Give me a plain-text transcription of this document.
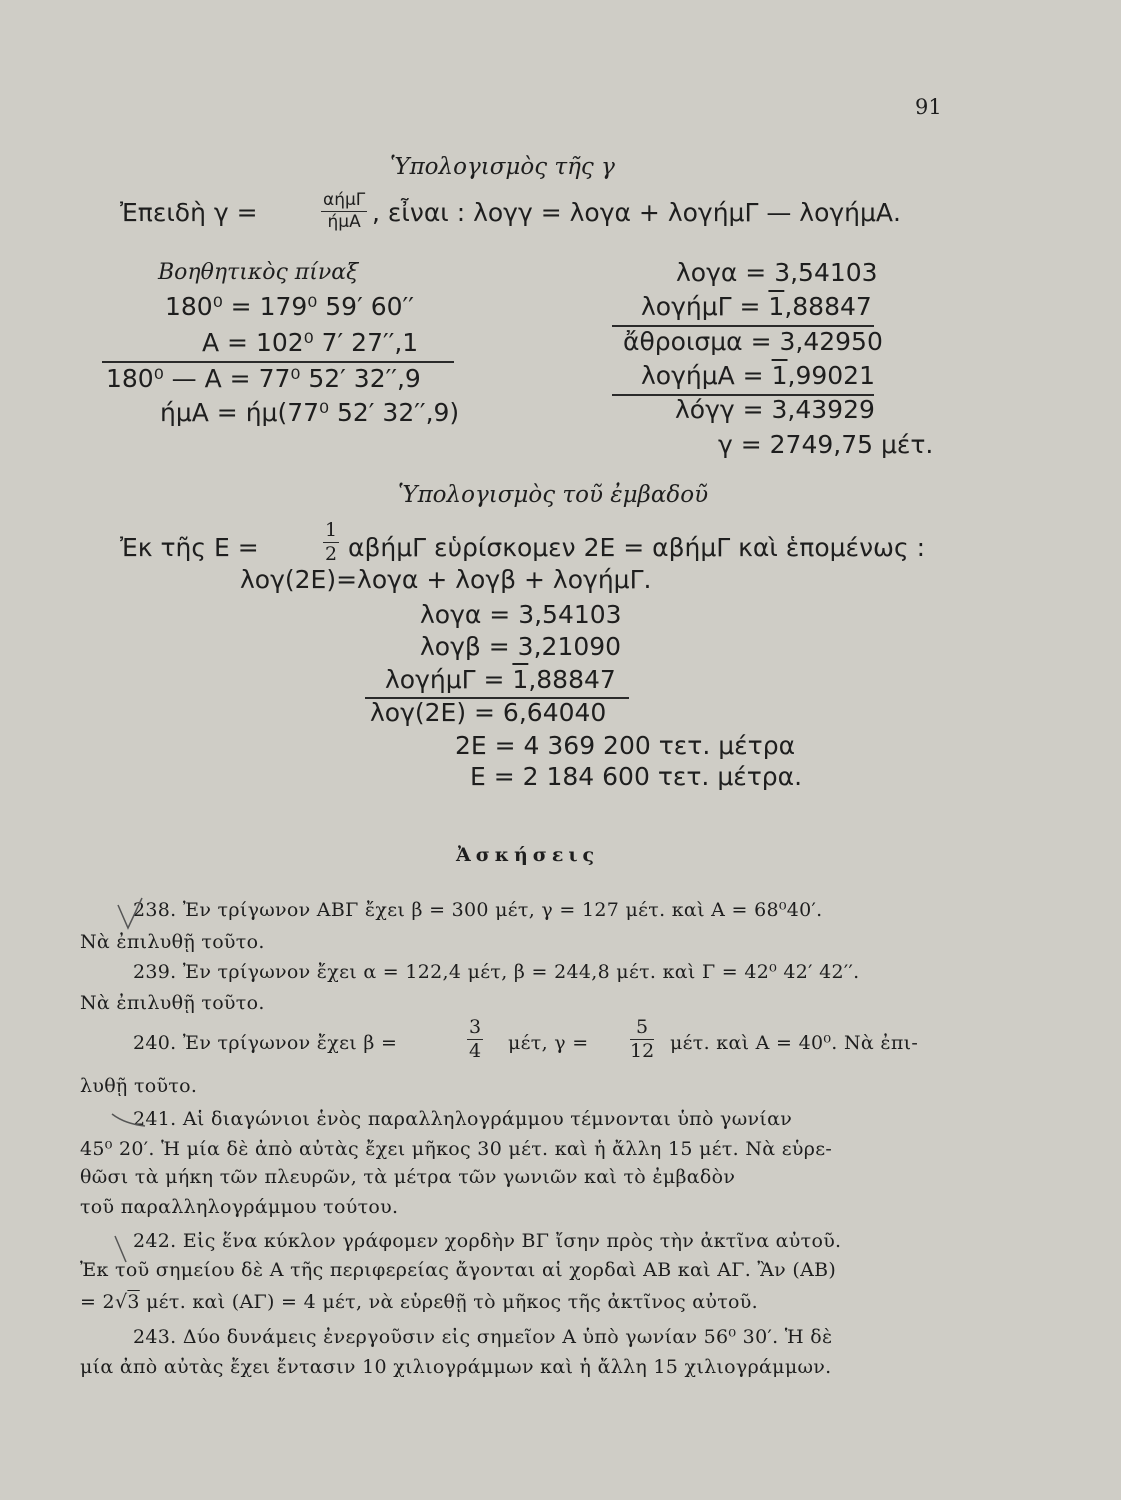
91
Ὑπολογισμὸς τῆς γ
Ἐπειδὴ γ =	αήμΓ
ήμΑ , εἶναι : λογγ = λογα + λογήμΓ — λογήμΑ.
Βοηθητικὸς πίναξ
180⁰ = 179⁰ 59′ 60′′
Α = 102⁰ 7′ 27′′,1
180⁰ — Α = 77⁰ 52′ 32′′,9
ήμΑ = ήμ(77⁰ 52′ 32′′,9)
λογα = 3,54103
λογήμΓ = 1,88847
ἄθροισμα = 3,42950
λογήμΑ = 1,99021
λόγγ = 3,43929
γ = 2749,75 μέτ.
Ὑπολογισμὸς τοῦ ἐμβαδοῦ
Ἐκ τῆς Ε =	$\frac{1}{2}$ αβήμΓ εὑρίσκομεν 2Ε = αβήμΓ καὶ ἑπομένως :
λογ(2Ε)=λογα + λογβ + λογήμΓ.
λογα = 3,54103
λογβ = 3,21090
λογήμΓ = 1,88847
λογ(2Ε) = 6,64040
2Ε = 4 369 200 τετ. μέτρα
Ε = 2 184 600 τετ. μέτρα.
Ἀσκήσεις
238. Ἐν τρίγωνον ΑΒΓ ἔχει β = 300 μέτ, γ = 127 μέτ. καὶ Α = 68⁰40′.
Νὰ ἐπιλυθῇ τοῦτο.
239. Ἐν τρίγωνον ἔχει α = 122,4 μέτ, β = 244,8 μέτ. καὶ Γ = 42⁰ 42′ 42′′.
Νὰ ἐπιλυθῇ τοῦτο.
240. Ἐν τρίγωνον ἔχει β =	$\frac{3}{4} \mu έ\tau$, $\gamma = \frac{5}{12} \mu έ\tau$. καὶ Α = 40⁰. Νὰ ἐπι-
λυθῇ τοῦτο.
241. Αἱ διαγώνιοι ἑνὸς παραλληλογράμμου τέμνονται ὑπὸ γωνίαν
45⁰ 20′. Ἡ μία δὲ ἀπὸ αὐτὰς ἔχει μῆκος 30 μέτ. καὶ ἡ ἄλλη 15 μέτ. Νὰ εὑρε-
θῶσι τὰ μήκη τῶν πλευρῶν, τὰ μέτρα τῶν γωνιῶν καὶ τὸ ἐμβαδὸν
τοῦ παραλληλογράμμου τούτου.
242. Εἰς ἕνα κύκλον γράφομεν χορδὴν ΒΓ ἴσην πρὸς τὴν ἀκτῖνα αὐτοῦ.
Ἐκ τοῦ σημείου δὲ Α τῆς περιφερείας ἄγονται αἱ χορδαὶ ΑΒ καὶ ΑΓ. Ἂν (ΑΒ)
= 2√3 μέτ. καὶ (ΑΓ) = 4 μέτ, νὰ εὑρεθῇ τὸ μῆκος τῆς ἀκτῖνος αὐτοῦ.
243. Δύο δυνάμεις ἐνεργοῦσιν εἰς σημεῖον Α ὑπὸ γωνίαν 56⁰ 30′. Ἡ δὲ
μία ἀπὸ αὐτὰς ἔχει ἔντασιν 10 χιλιογράμμων καὶ ἡ ἄλλη 15 χιλιογράμμων.
